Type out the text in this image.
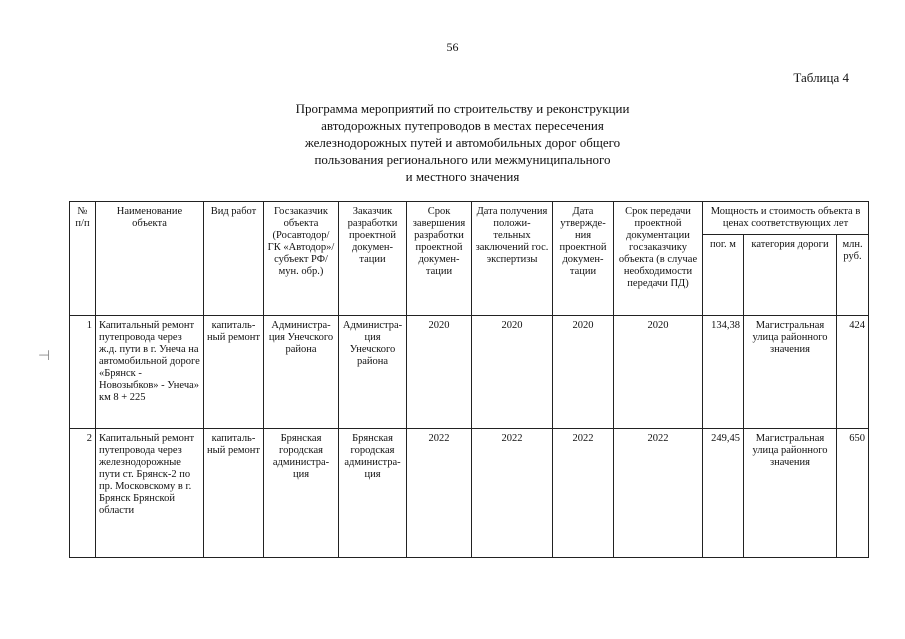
56
Таблица 4
Программа мероприятий по строительству и реконструкции
автодорожных путепроводов в местах пересечения
железнодорожных путей и автомобильных дорог общего
пользования регионального или межмуниципального
и местного значения
⊣
№ п/п	Наименование объекта	Вид работ	Госзаказчик объекта (Росавтодор/ ГК «Автодор»/ субъект РФ/мун. обр.)	Заказчик разработки проектной докумен- тации	Срок завершения разработки проектной докумен- тации	Дата получения положи- тельных заключений гос. экспертизы	Дата утвержде- ния проектной докумен- тации	Срок передачи проектной документации госзаказчику объекта (в случае необходимости передачи ПД)	Мощность и стоимость объекта в ценах соответствующих лет		
									пог. м	категория дороги	млн. руб.
1	Капитальный ремонт путепровода через ж.д. пути в г. Унеча на автомобильной дороге «Брянск - Новозыбков» - Унеча» км 8 + 225	капиталь- ный ремонт	Администра- ция Унечского района	Администра- ция Унечского района	2020	2020	2020	2020	134,38	Магистральная улица районного значения	424
2	Капитальный ремонт путепровода через железнодорожные пути ст. Брянск-2 по пр. Московскому в г. Брянск Брянской области	капиталь- ный ремонт	Брянская городская администра- ция	Брянская городская администра- ция	2022	2022	2022	2022	249,45	Магистральная улица районного значения	650
